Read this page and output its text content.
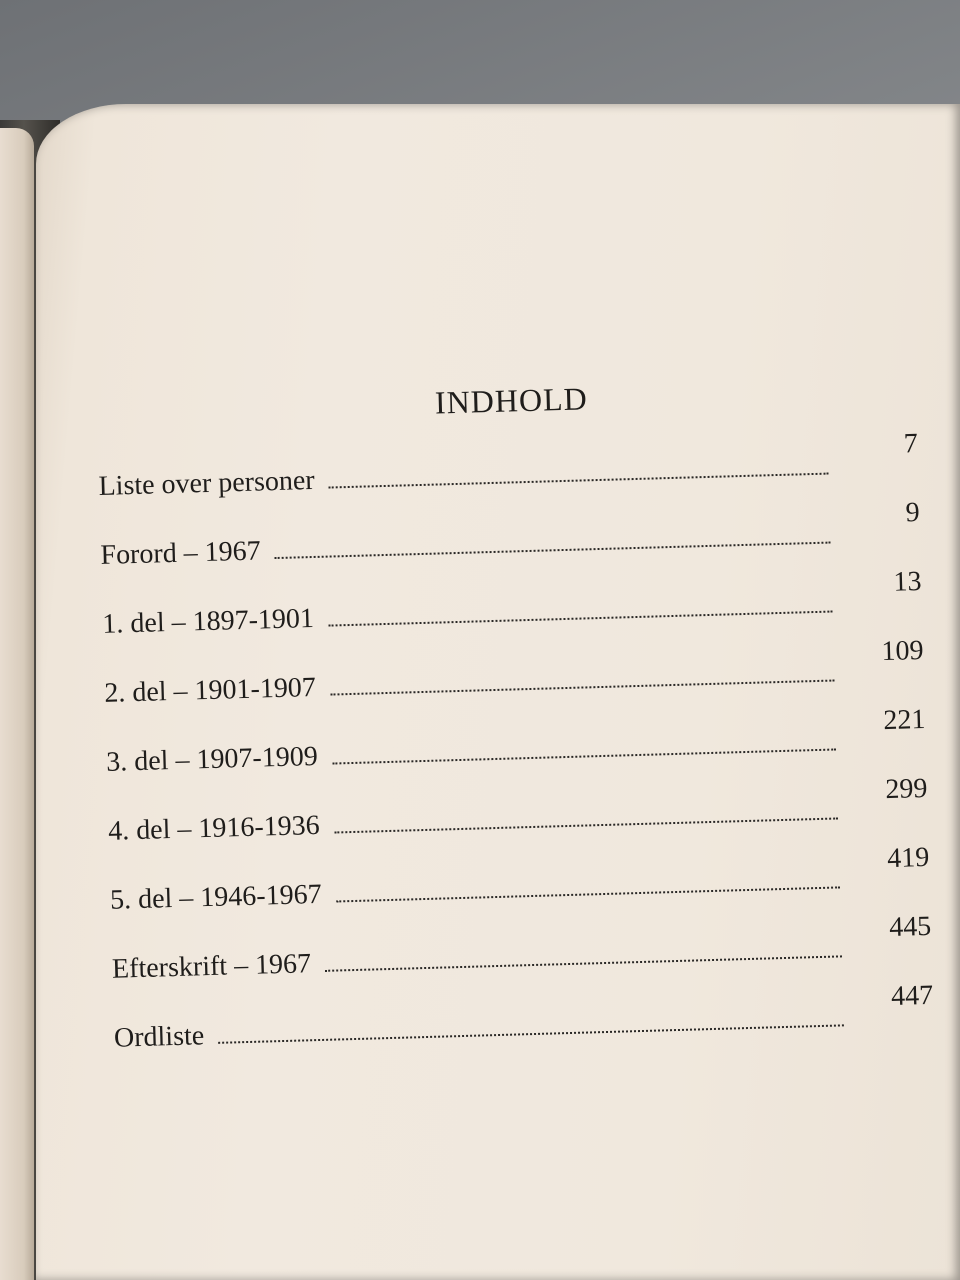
INDHOLD
Liste over personer
7
Forord – 1967
9
1. del – 1897-1901
13
2. del – 1901-1907
109
3. del – 1907-1909
221
4. del – 1916-1936
299
5. del – 1946-1967
419
Efterskrift – 1967
445
Ordliste
447
